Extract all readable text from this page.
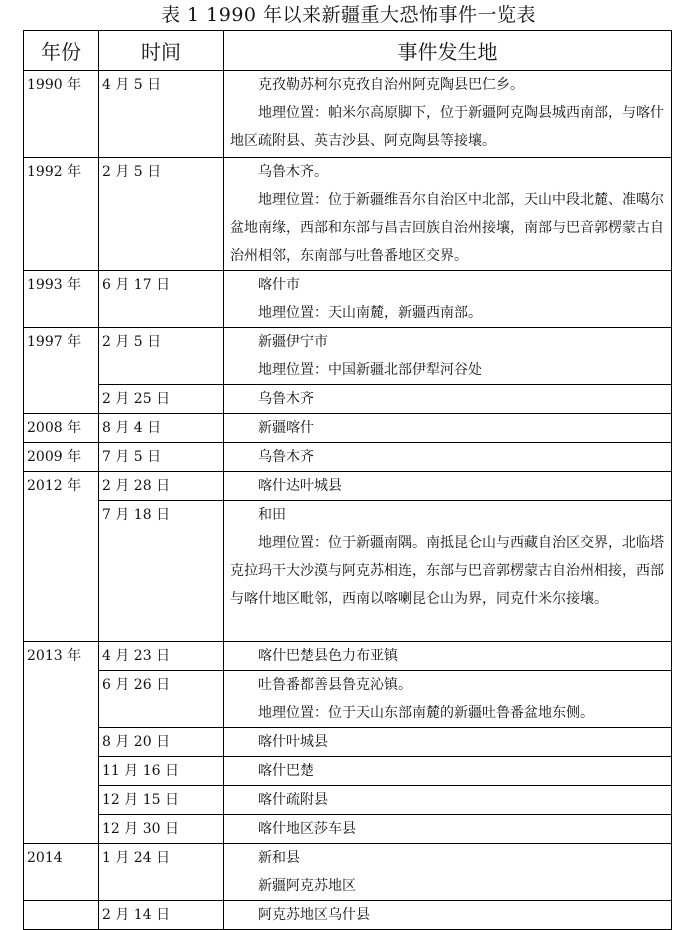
表 1 1990 年以来新疆重大恐怖事件一览表
年份	时间	事件发生地
1990 年	4 月 5 日	克孜勒苏柯尔克孜自治州阿克陶县巴仁乡。
地理位置：帕米尔高原脚下，位于新疆阿克陶县城西南部，与喀什地区疏附县、英吉沙县、阿克陶县等接壤。

1992 年	2 月 5 日	乌鲁木齐。
地理位置：位于新疆维吾尔自治区中北部，天山中段北麓、准噶尔盆地南缘，西部和东部与昌吉回族自治州接壤，南部与巴音郭楞蒙古自治州相邻，东南部与吐鲁番地区交界。

1993 年	6 月 17 日	喀什市
地理位置：天山南麓，新疆西南部。

1997 年	2 月 5 日	新疆伊宁市
地理位置：中国新疆北部伊犁河谷处

	2 月 25 日	乌鲁木齐

2008 年	8 月 4 日	新疆喀什

2009 年	7 月 5 日	乌鲁木齐

2012 年	2 月 28 日	喀什达叶城县

	7 月 18 日	和田
地理位置：位于新疆南隅。南抵昆仑山与西藏自治区交界，北临塔克拉玛干大沙漠与阿克苏相连，东部与巴音郭楞蒙古自治州相接，西部与喀什地区毗邻，西南以喀喇昆仑山为界，同克什米尔接壤。

2013 年	4 月 23 日	喀什巴楚县色力布亚镇

	6 月 26 日	吐鲁番都善县鲁克沁镇。
地理位置：位于天山东部南麓的新疆吐鲁番盆地东侧。

	8 月 20 日	喀什叶城县

	11 月 16 日	喀什巴楚

	12 月 15 日	喀什疏附县

	12 月 30 日	喀什地区莎车县

2014	1 月 24 日	新和县
新疆阿克苏地区

	2 月 14 日	阿克苏地区乌什县
